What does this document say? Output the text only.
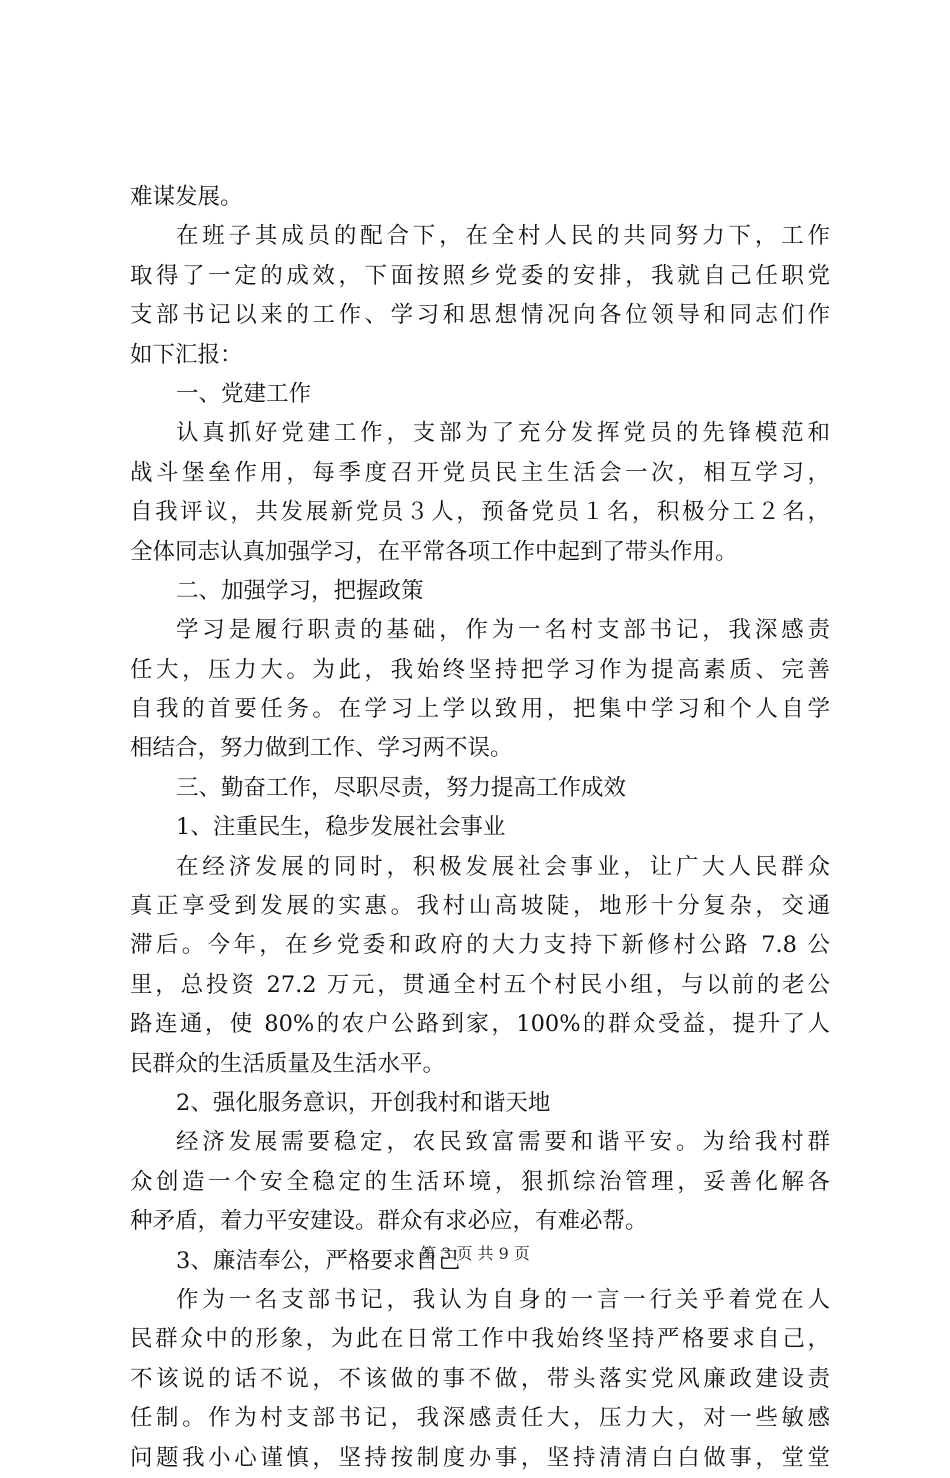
难谋发展。
在班子其成员的配合下，在全村人民的共同努力下，工作
取得了一定的成效，下面按照乡党委的安排，我就自己任职党
支部书记以来的工作、学习和思想情况向各位领导和同志们作
如下汇报：
一、党建工作
认真抓好党建工作，支部为了充分发挥党员的先锋模范和
战斗堡垒作用，每季度召开党员民主生活会一次，相互学习，
自我评议，共发展新党员３人，预备党员１名，积极分工２名，
全体同志认真加强学习，在平常各项工作中起到了带头作用。
二、加强学习，把握政策
学习是履行职责的基础，作为一名村支部书记，我深感责
任大，压力大。为此，我始终坚持把学习作为提高素质、完善
自我的首要任务。在学习上学以致用，把集中学习和个人自学
相结合，努力做到工作、学习两不误。
三、勤奋工作，尽职尽责，努力提高工作成效
1、注重民生，稳步发展社会事业
在经济发展的同时，积极发展社会事业，让广大人民群众
真正享受到发展的实惠。我村山高坡陡，地形十分复杂，交通
滞后。今年，在乡党委和政府的大力支持下新修村公路 7.8 公
里，总投资 27.2 万元，贯通全村五个村民小组，与以前的老公
路连通，使 80%的农户公路到家，100%的群众受益，提升了人
民群众的生活质量及生活水平。
2、强化服务意识，开创我村和谐天地
经济发展需要稳定，农民致富需要和谐平安。为给我村群
众创造一个安全稳定的生活环境，狠抓综治管理，妥善化解各
种矛盾，着力平安建设。群众有求必应，有难必帮。
3、廉洁奉公，严格要求自己
作为一名支部书记，我认为自身的一言一行关乎着党在人
民群众中的形象，为此在日常工作中我始终坚持严格要求自己，
不该说的话不说，不该做的事不做，带头落实党风廉政建设责
任制。作为村支部书记，我深感责任大，压力大，对一些敏感
问题我小心谨慎，坚持按制度办事，坚持清清白白做事，堂堂
第 3 页 共 9 页
